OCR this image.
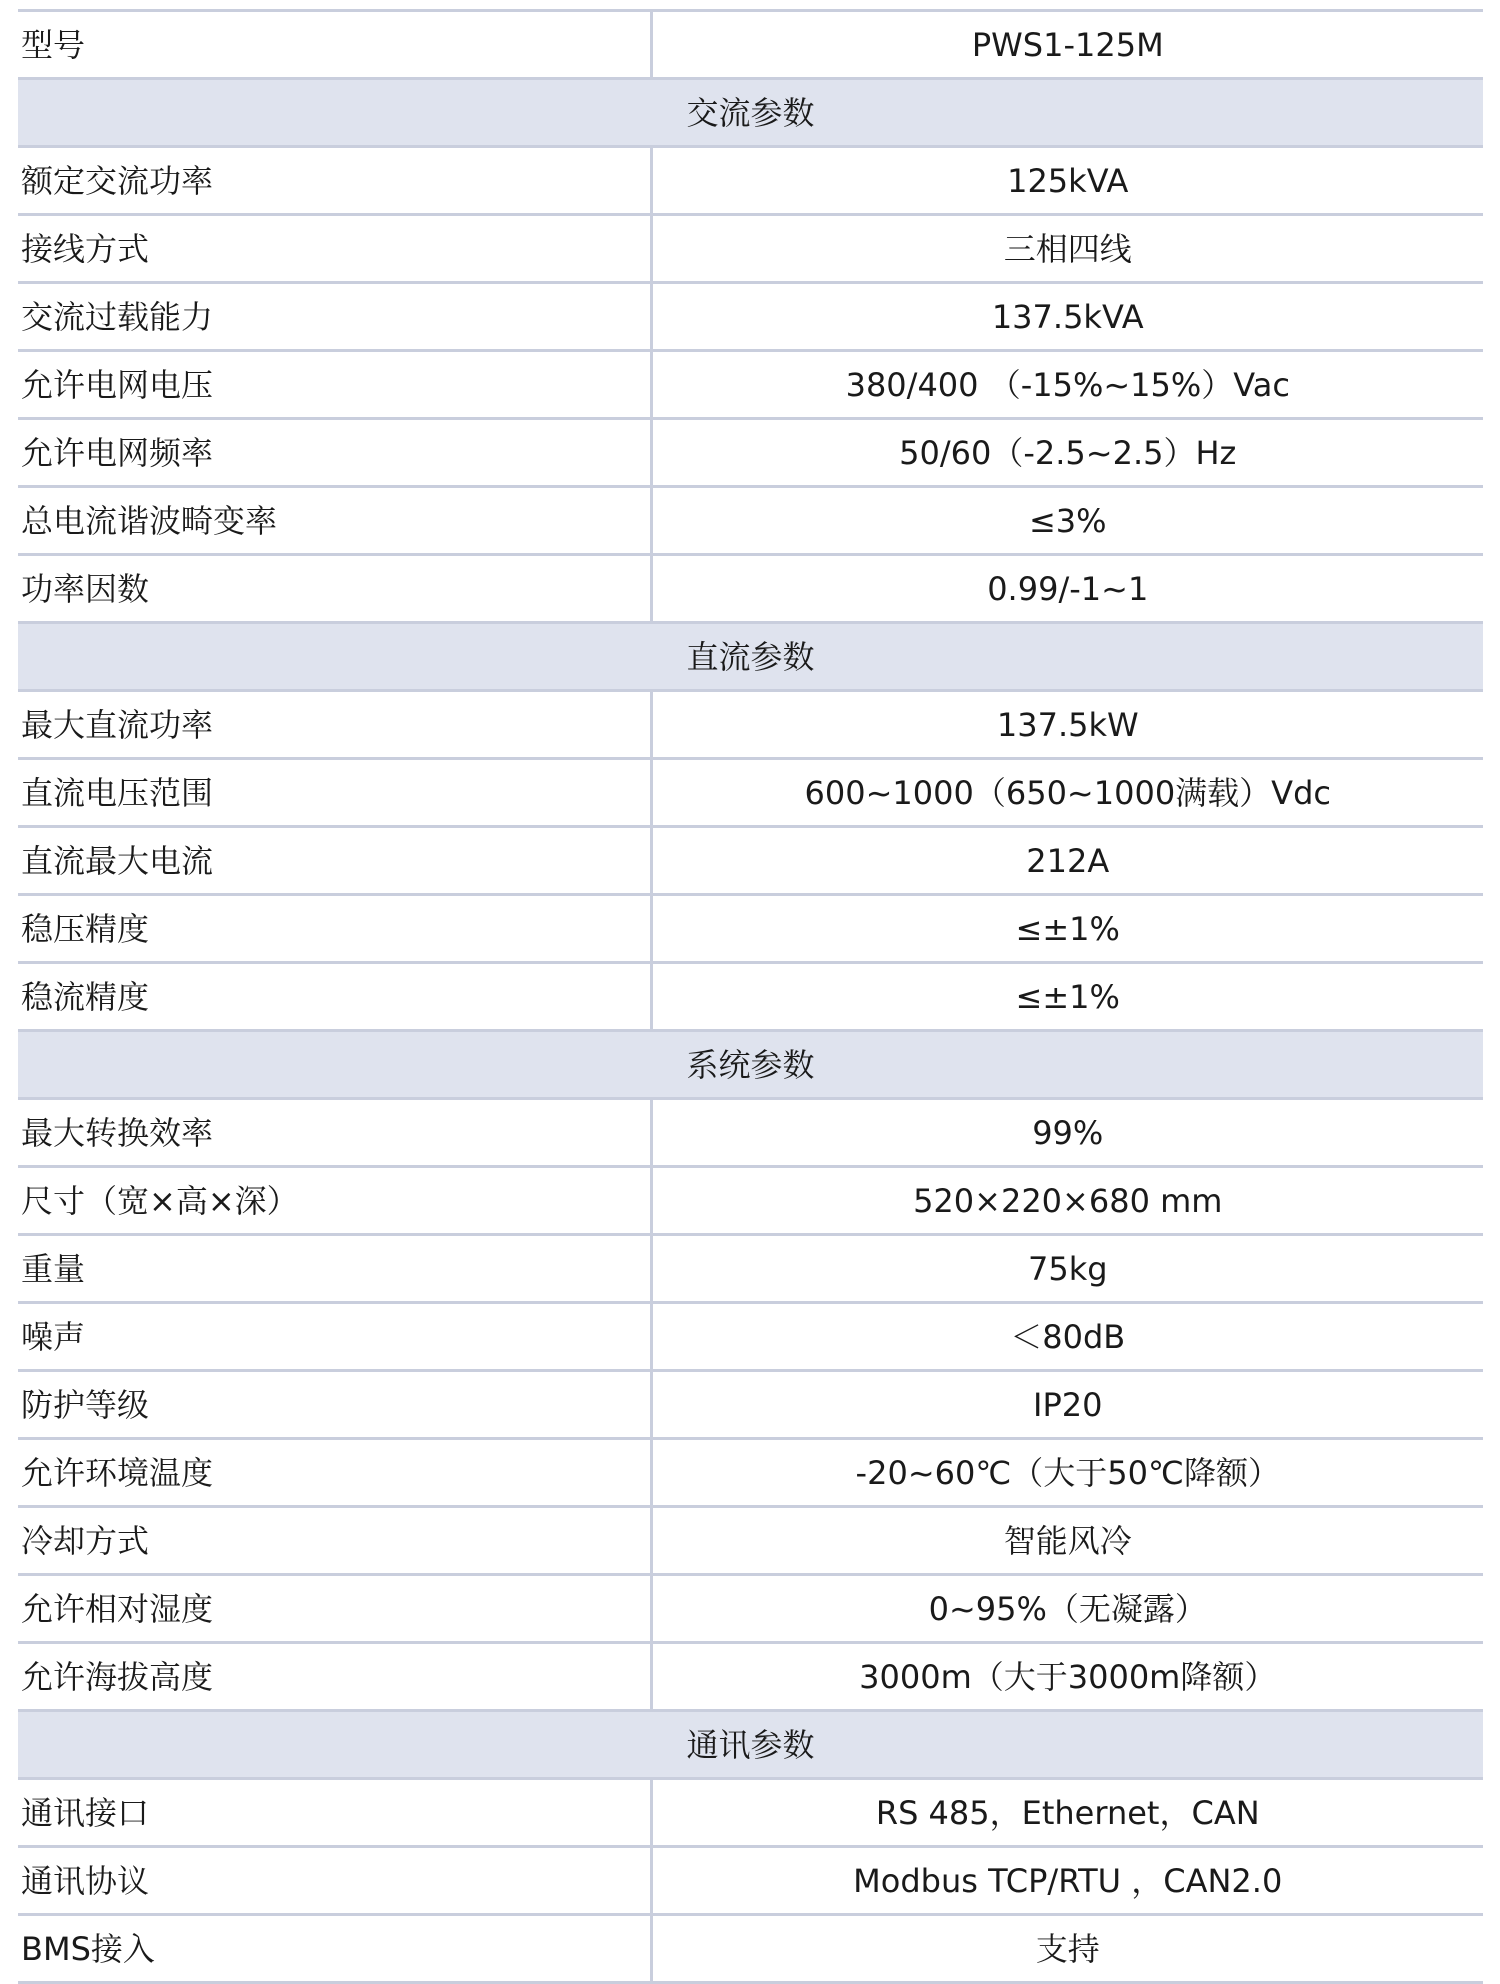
型号	PWS1-125M
交流参数	
额定交流功率	125kVA
接线方式	三相四线
交流过载能力	137.5kVA
允许电网电压	380/400 （-15%~15%）Vac
允许电网频率	50/60（-2.5~2.5）Hz
总电流谐波畸变率	≤3%
功率因数	0.99/-1~1
直流参数	
最大直流功率	137.5kW
直流电压范围	600~1000（650~1000满载）Vdc
直流最大电流	212A
稳压精度	≤±1%
稳流精度	≤±1%
系统参数	
最大转换效率	99%
尺寸（宽×高×深）	520×220×680 mm
重量	75kg
噪声	＜80dB
防护等级	IP20
允许环境温度	-20~60℃（大于50℃降额）
冷却方式	智能风冷
允许相对湿度	0~95%（无凝露）
允许海拔高度	3000m（大于3000m降额）
通讯参数	
通讯接口	RS 485，Ethernet，CAN
通讯协议	Modbus TCP/RTU ，CAN2.0
BMS接入	支持
